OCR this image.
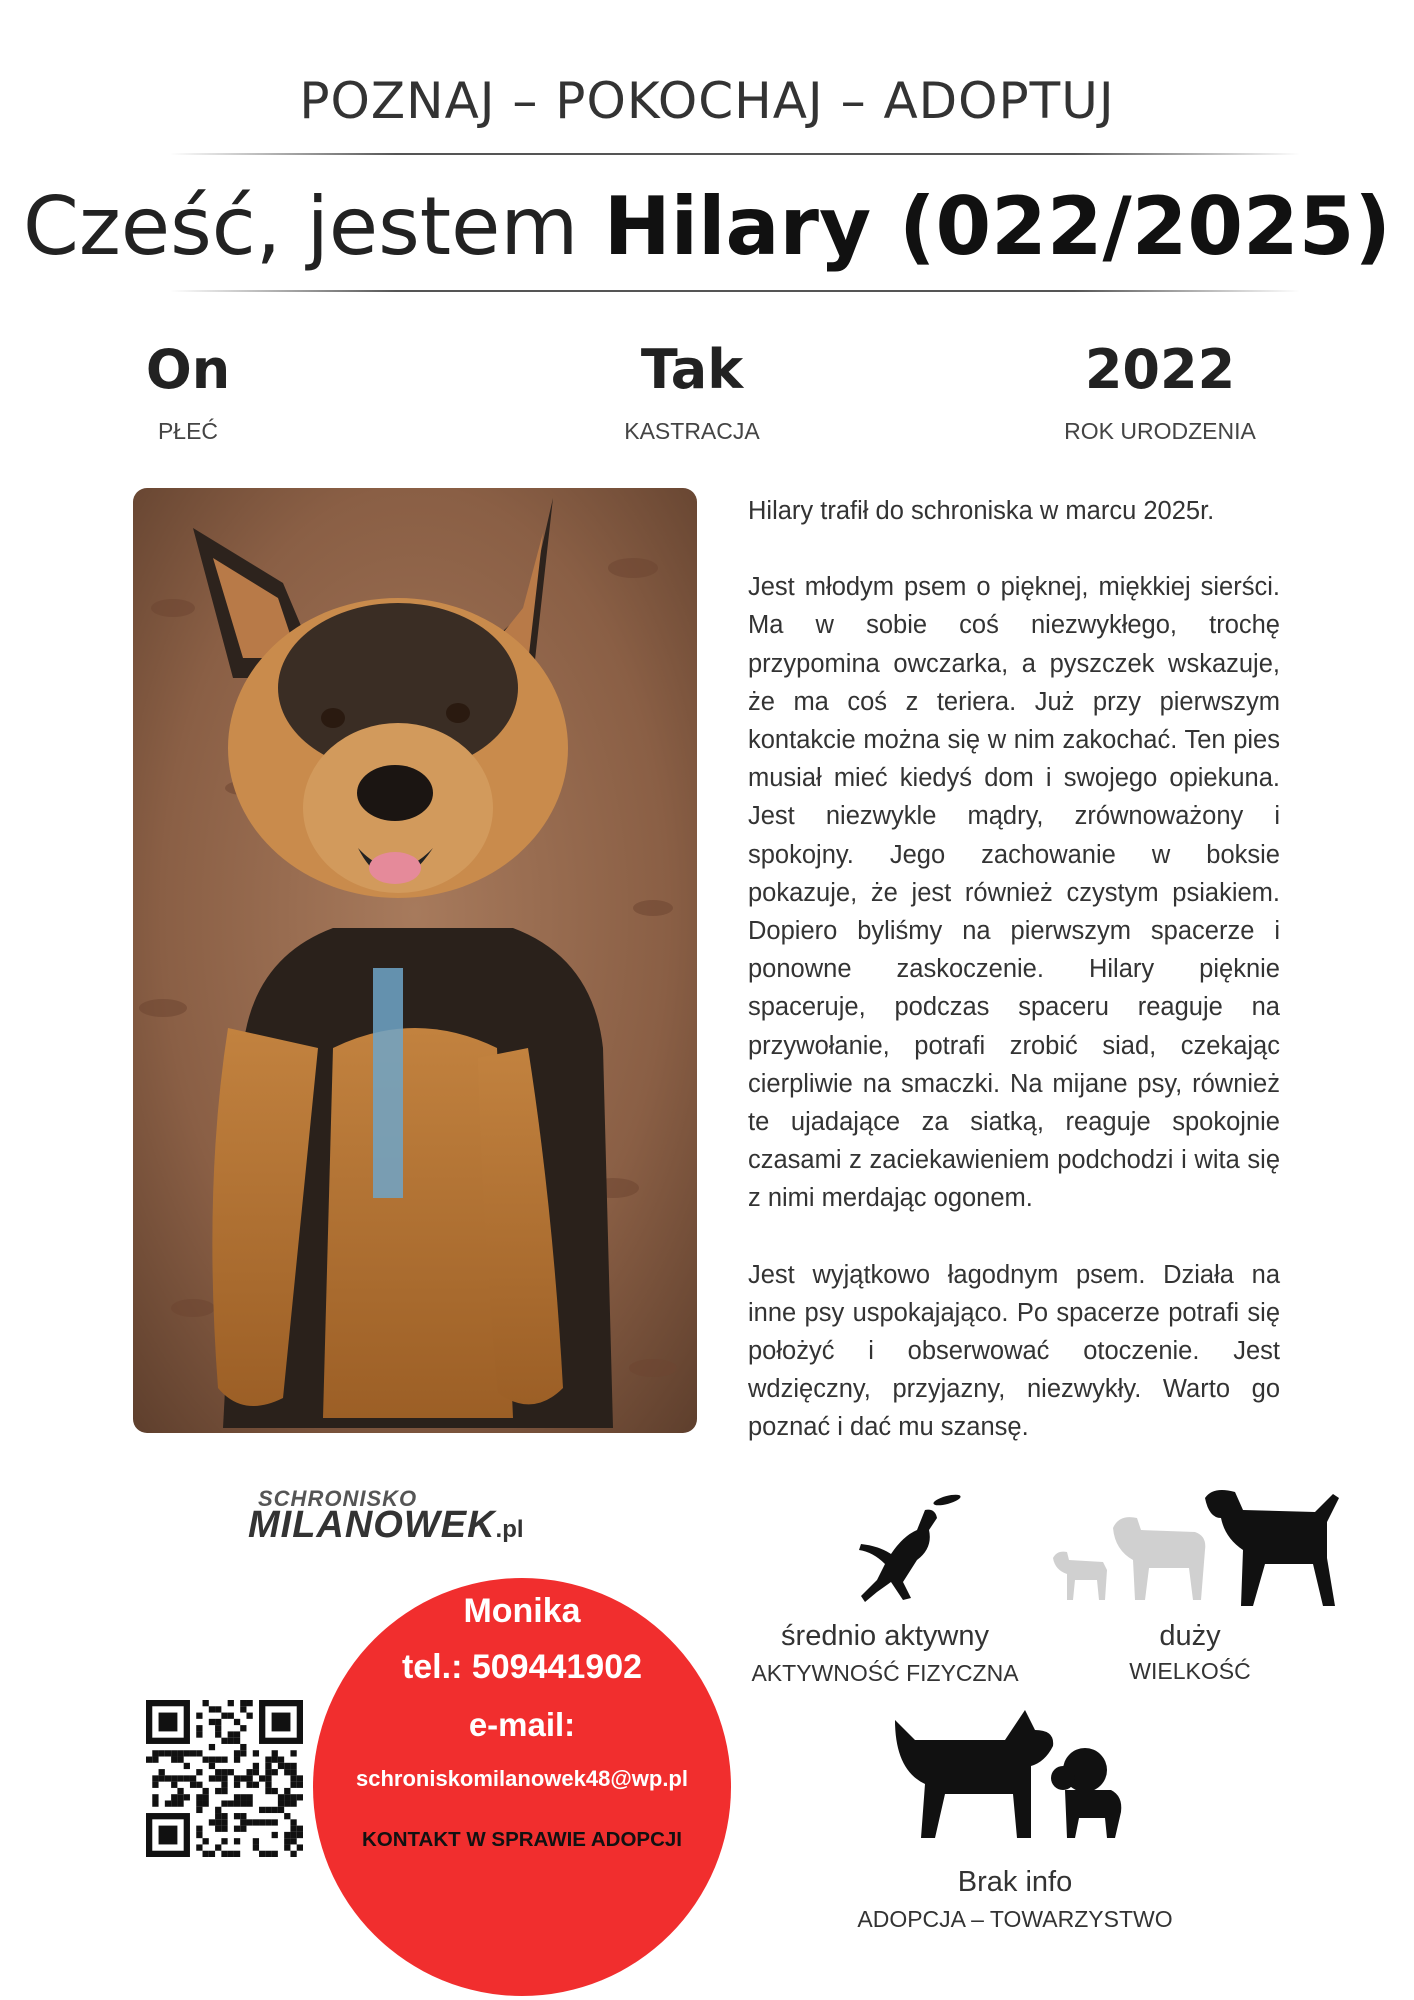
POZNAJ – POKOCHAJ – ADOPTUJ
Cześć, jestem Hilary (022/2025)
On
PŁEĆ
Tak
KASTRACJA
2022
ROK URODZENIA

Hilary trafił do schroniska w marcu 2025r.

Jest młodym psem o pięknej, miękkiej sierści. Ma w sobie coś niezwykłego, trochę przypomina owczarka, a pyszczek wskazuje, że ma coś z teriera. Już przy pierwszym kontakcie można się w nim zakochać. Ten pies musiał mieć kiedyś dom i swojego opiekuna. Jest niezwykle mądry, zrównoważony i spokojny. Jego zachowanie w boksie pokazuje, że jest również czystym psiakiem. Dopiero byliśmy na pierwszym spacerze i ponowne zaskoczenie. Hilary pięknie spaceruje, podczas spaceru reaguje na przywołanie, potrafi zrobić siad, czekając cierpliwie na smaczki. Na mijane psy, również te ujadające za siatką, reaguje spokojnie czasami z zaciekawieniem podchodzi i wita się z nimi merdając ogonem.

Jest wyjątkowo łagodnym psem. Działa na inne psy uspokajająco. Po spacerze potrafi się położyć i obserwować otoczenie. Jest wdzięczny, przyjazny, niezwykły. Warto go poznać i dać mu szansę.

SCHRONISKO
MILANOWEK.pl
Monika
tel.: 509441902
e-mail:
schroniskomilanowek48@wp.pl
KONTAKT W SPRAWIE ADOPCJI
średnio aktywny
AKTYWNOŚĆ FIZYCZNA
duży
WIELKOŚĆ
Brak info
ADOPCJA – TOWARZYSTWO
